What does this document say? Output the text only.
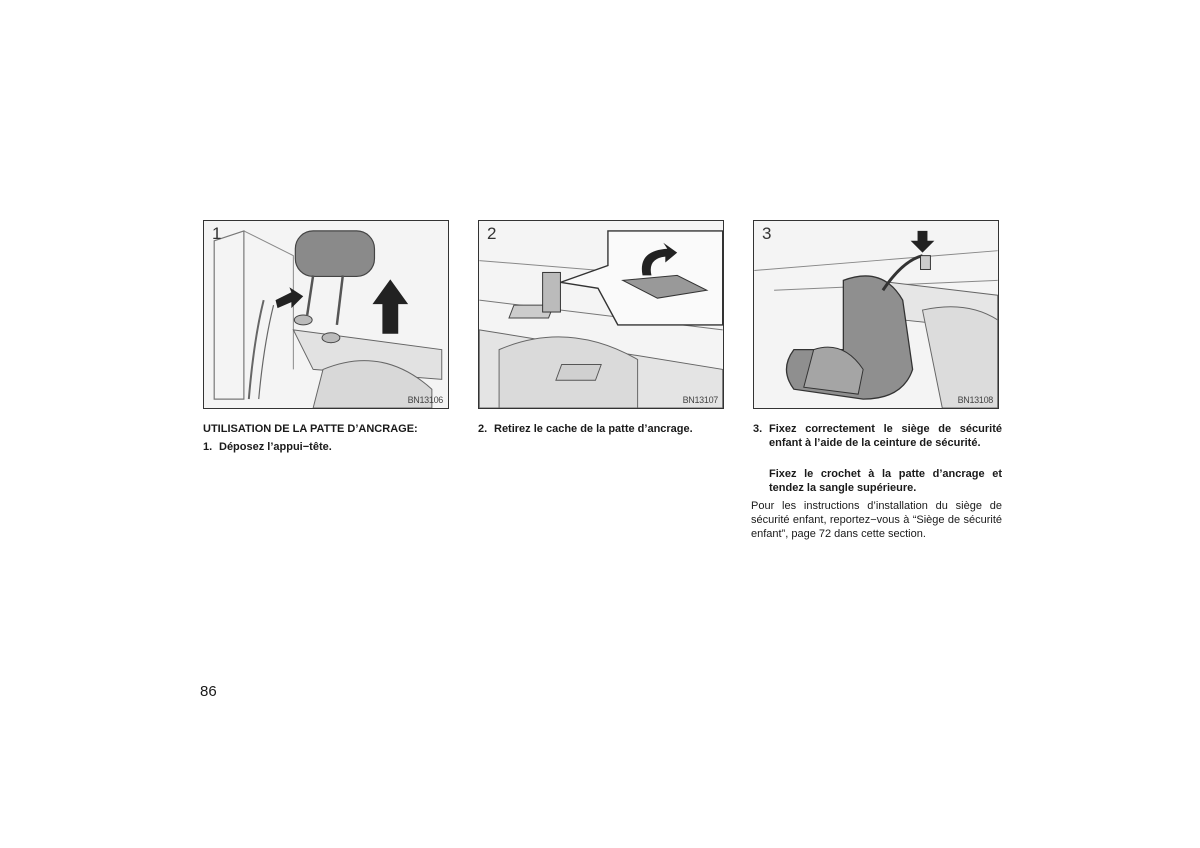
1
BN13106
2
BN13107
3
BN13108
UTILISATION DE LA PATTE D’ANCRAGE:
1. Déposez l’appui−tête.
2. Retirez le cache de la patte d’ancrage.	3. Fixez correctement le siège de sécurité enfant à l’aide de la ceinture de sécurité.
Fixez le crochet à la patte d’ancrage et tendez la sangle supérieure.
Pour les instructions d’installation du siège de sécurité enfant, reportez−vous à “Siège de sécurité enfant”, page 72 dans cette section.
86
